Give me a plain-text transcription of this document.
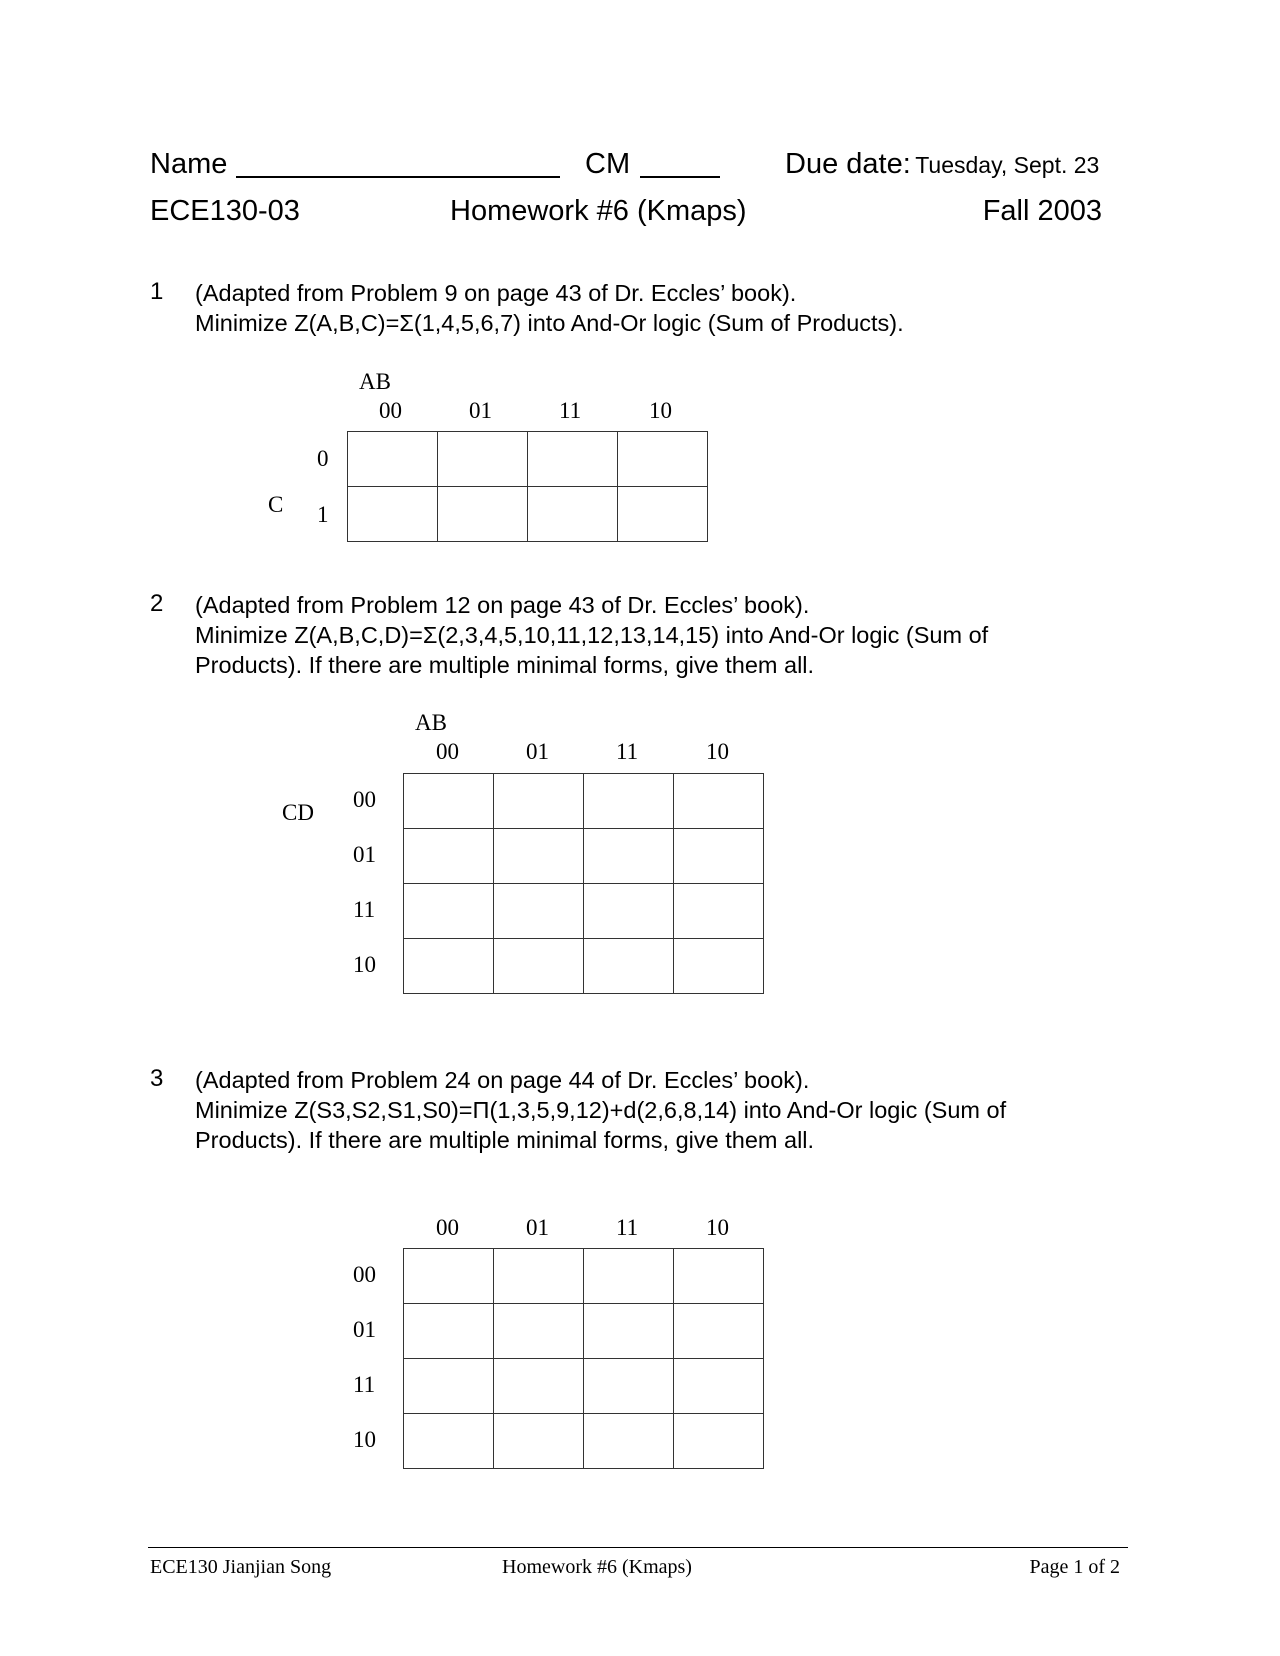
Name	CM	Due date: Tuesday, Sept. 23
ECE130-03	Homework #6 (Kmaps)	Fall 2003
1 (Adapted from Problem 9 on page 43 of Dr. Eccles’ book).
Minimize Z(A,B,C)=Σ(1,4,5,6,7) into And-Or logic (Sum of Products).
AB
00	01	11	10
0
1
C

2 (Adapted from Problem 12 on page 43 of Dr. Eccles’ book).
Minimize Z(A,B,C,D)=Σ(2,3,4,5,10,11,12,13,14,15) into And-Or logic (Sum of
Products). If there are multiple minimal forms, give them all.
AB
00	01	11	10
CD
00
01
11
10

3 (Adapted from Problem 24 on page 44 of Dr. Eccles’ book).
Minimize Z(S3,S2,S1,S0)=Π(1,3,5,9,12)+d(2,6,8,14) into And-Or logic (Sum of
Products). If there are multiple minimal forms, give them all.
00	01	11	10
00
01
11
10

ECE130 Jianjian Song	Homework #6 (Kmaps)	Page 1 of 2
